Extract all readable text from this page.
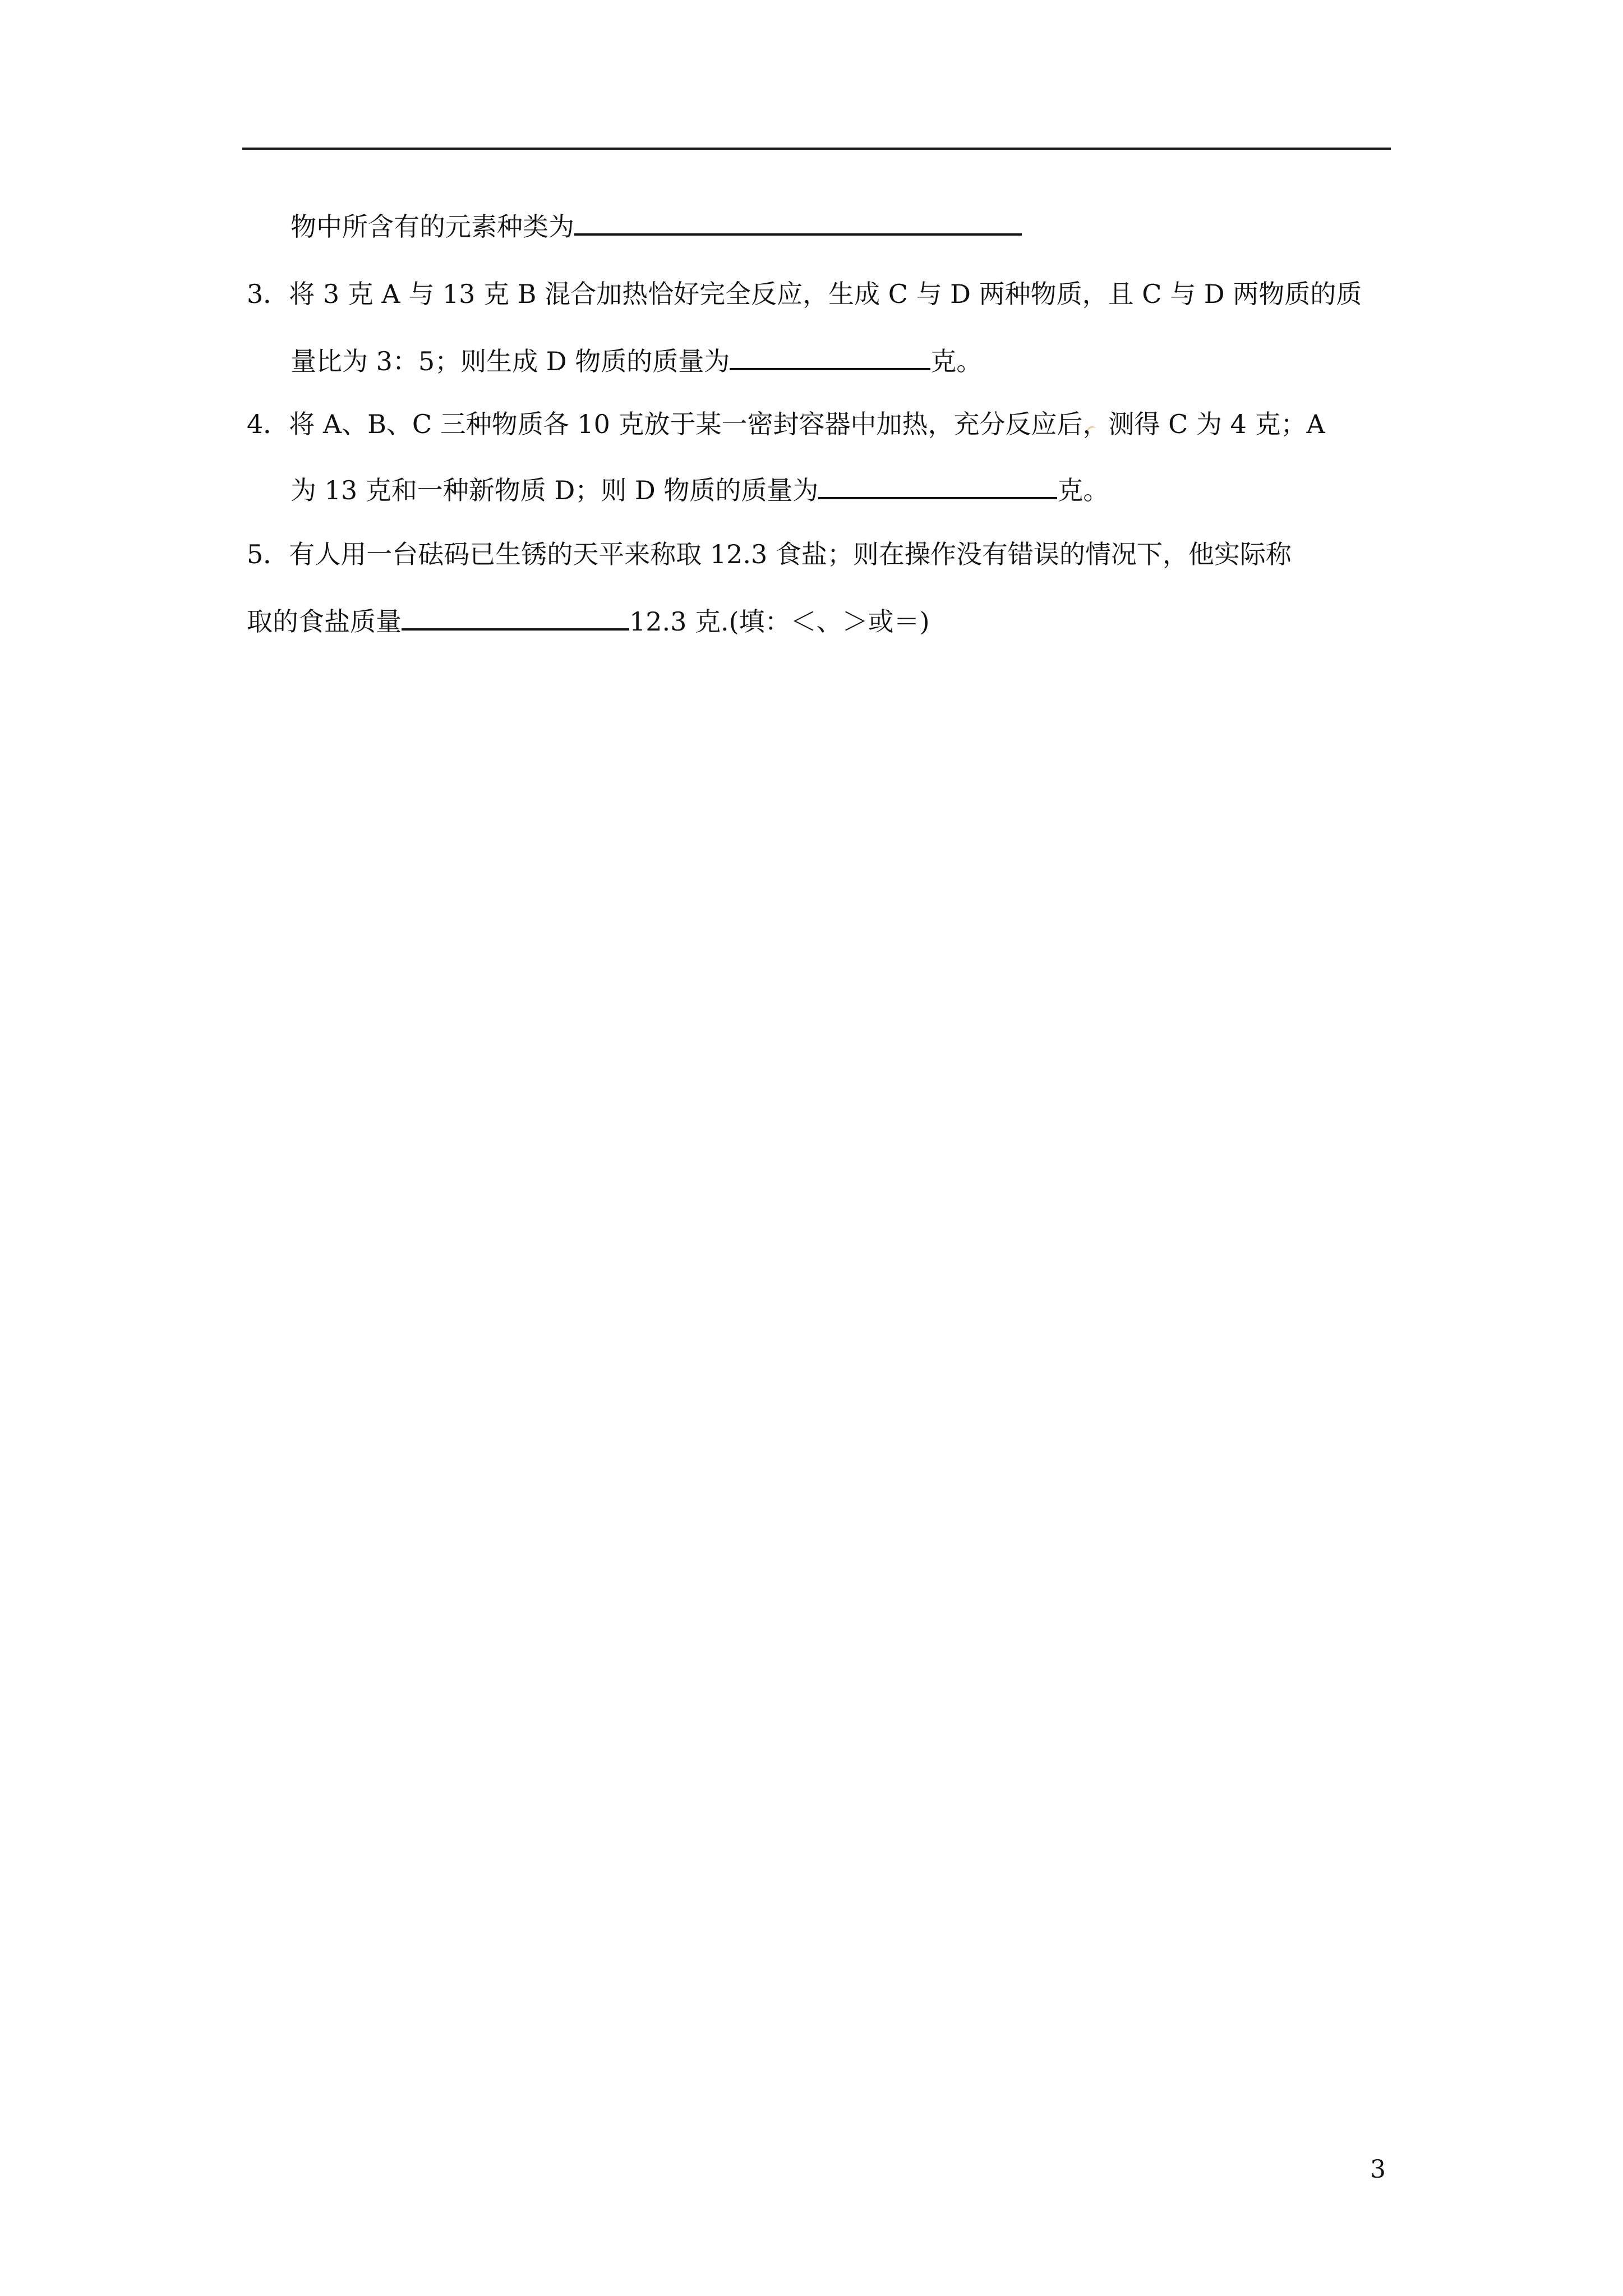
物中所含有的元素种类为
3．将 3 克 A 与 13 克 B 混合加热恰好完全反应，生成 C 与 D 两种物质，且 C 与 D 两物质的质
量比为 3：5；则生成 D 物质的质量为	克。
4．将 A、B、C 三种物质各 10 克放于某一密封容器中加热，充分反应后，测得 C 为 4 克；A
为 13 克和一种新物质 D；则 D 物质的质量为	克。
5．有人用一台砝码已生锈的天平来称取 12.3 食盐；则在操作没有错误的情况下，他实际称
取的食盐质量	12.3 克.(填：＜、＞或＝)
3
